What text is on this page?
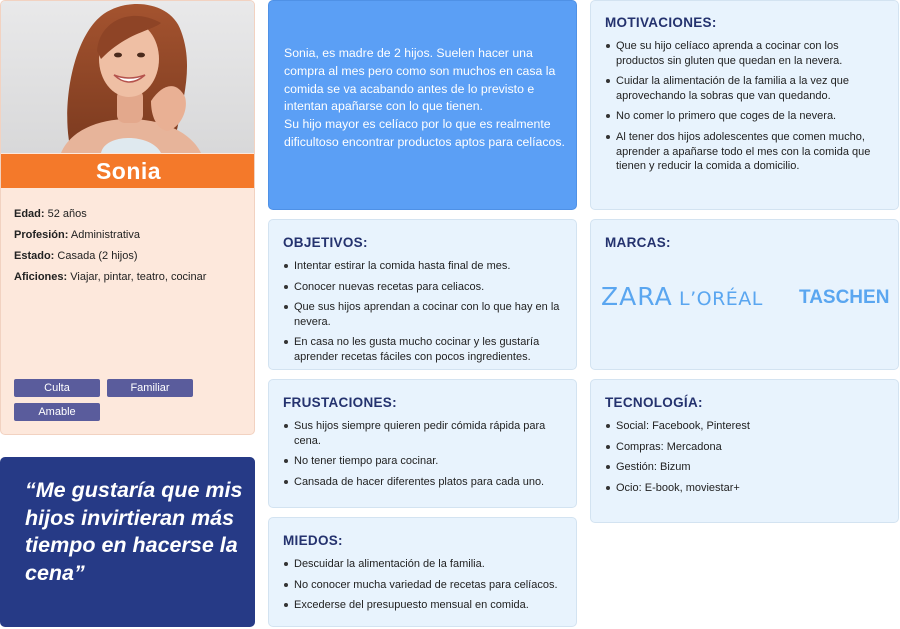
Sonia
Edad: 52 años
Profesión: Administrativa
Estado: Casada (2 hijos)
Aficiones: Viajar, pintar, teatro, cocinar
Culta	Familiar
Amable
“Me gustaría que mis hijos invirtieran más tiempo en hacerse la cena”
Sonia, es madre de 2 hijos. Suelen hacer una compra al mes pero como son muchos en casa la comida se va acabando antes de lo previsto e intentan apañarse con lo que tienen.
Su hijo mayor es celíaco por lo que es realmente dificultoso encontrar productos aptos para celíacos.
OBJETIVOS:
Intentar estirar la comida hasta final de mes.
Conocer nuevas recetas para celiacos.
Que sus hijos aprendan a cocinar con lo que hay en la nevera.
En casa no les gusta mucho cocinar y les gustaría aprender recetas fáciles con pocos ingredientes.
FRUSTACIONES:
Sus hijos siempre quieren pedir cómida rápida para cena.
No tener tiempo para cocinar.
Cansada de hacer diferentes platos para cada uno.
MIEDOS:
Descuidar la alimentación de la familia.
No conocer mucha variedad de recetas para celíacos.
Excederse del presupuesto mensual en comida.
MOTIVACIONES:
Que su hijo celíaco aprenda a cocinar con los productos sin gluten que quedan en la nevera.
Cuidar la alimentación de la familia a la vez que aprovechando la sobras que van quedando.
No comer lo primero que coges de la nevera.
Al tener dos hijos adolescentes que comen mucho, aprender a apañarse todo el mes con la comida que tienen y reducir la comida a domicilio.
MARCAS:
ZARA L’ORÉAL TASCHEN
TECNOLOGÍA:
Social: Facebook, Pinterest
Compras: Mercadona
Gestión: Bizum
Ocio: E-book, moviestar+
